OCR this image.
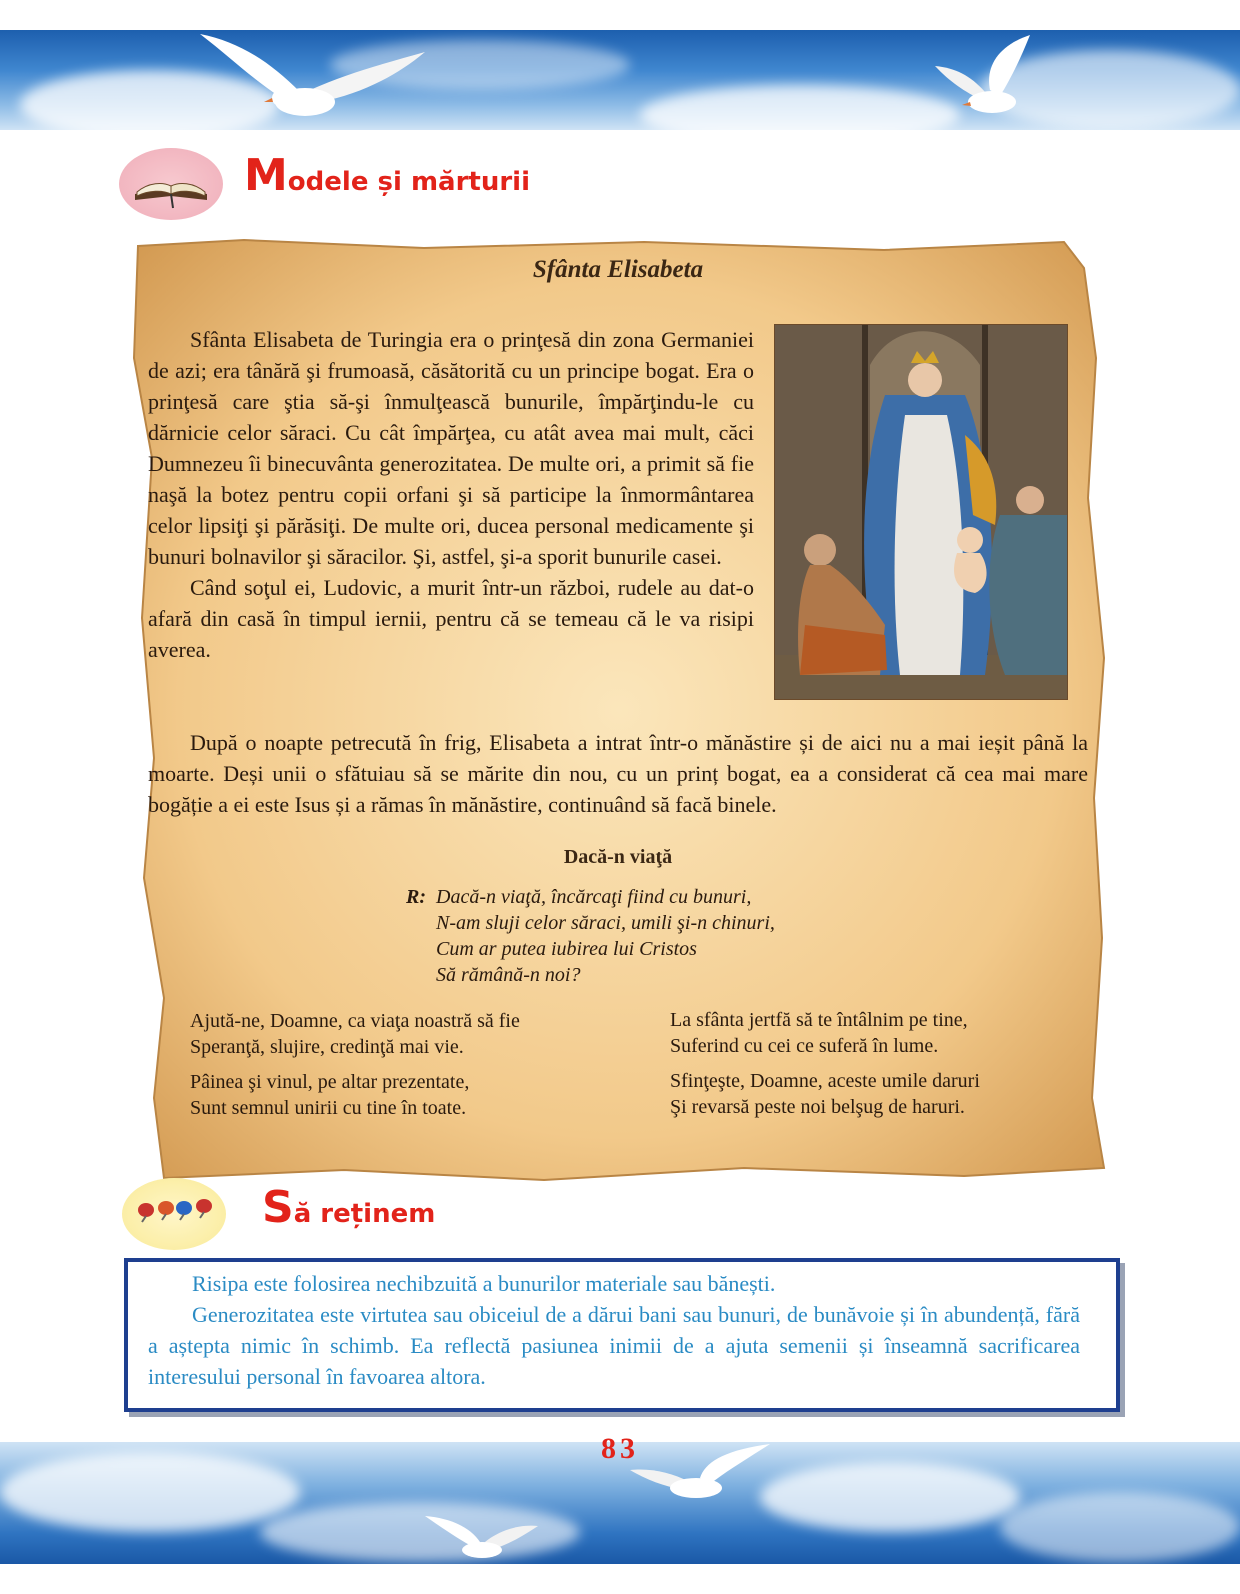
Modele și mărturii
Sfânta Elisabeta

Sfânta Elisabeta de Turingia era o prinţesă din zona Germaniei de azi; era tânără şi frumoasă, căsătorită cu un principe bogat. Era o prinţesă care ştia să-şi înmulţească bunurile, împărţindu-le cu dărnicie celor săraci. Cu cât împărţea, cu atât avea mai mult, căci Dumnezeu îi binecuvânta generozitatea. De multe ori, a primit să fie naşă la botez pentru copii orfani şi să participe la înmormântarea celor lipsiţi şi părăsiţi. De multe ori, ducea personal medicamente şi bunuri bolnavilor şi săracilor. Şi, astfel, şi-a sporit bunurile casei.

Când soţul ei, Ludovic, a murit într-un război, rudele au dat-o afară din casă în timpul iernii, pentru că se temeau că le va risipi averea.

După o noapte petrecută în frig, Elisabeta a intrat într-o mănăstire și de aici nu a mai ieșit până la moarte. Deși unii o sfătuiau să se mărite din nou, cu un prinț bogat, ea a considerat că cea mai mare bogăție a ei este Isus și a rămas în mănăstire, continuând să facă binele.

Dacă-n viaţă
R: Dacă-n viaţă, încărcaţi fiind cu bunuri,
N-am sluji celor săraci, umili şi-n chinuri,
Cum ar putea iubirea lui Cristos
Să rămână-n noi?
Ajută-ne, Doamne, ca viaţa noastră să fie
Speranţă, slujire, credinţă mai vie.
Pâinea şi vinul, pe altar prezentate,
Sunt semnul unirii cu tine în toate.
La sfânta jertfă să te întâlnim pe tine,
Suferind cu cei ce suferă în lume.
Sfinţeşte, Doamne, aceste umile daruri
Şi revarsă peste noi belşug de haruri.
Să reținem

Risipa este folosirea nechibzuită a bunurilor materiale sau bănești.

Generozitatea este virtutea sau obiceiul de a dărui bani sau bunuri, de bunăvoie și în abundență, fără a aștepta nimic în schimb. Ea reflectă pasiunea inimii de a ajuta semenii și înseamnă sacrificarea interesului personal în favoarea altora.

83
